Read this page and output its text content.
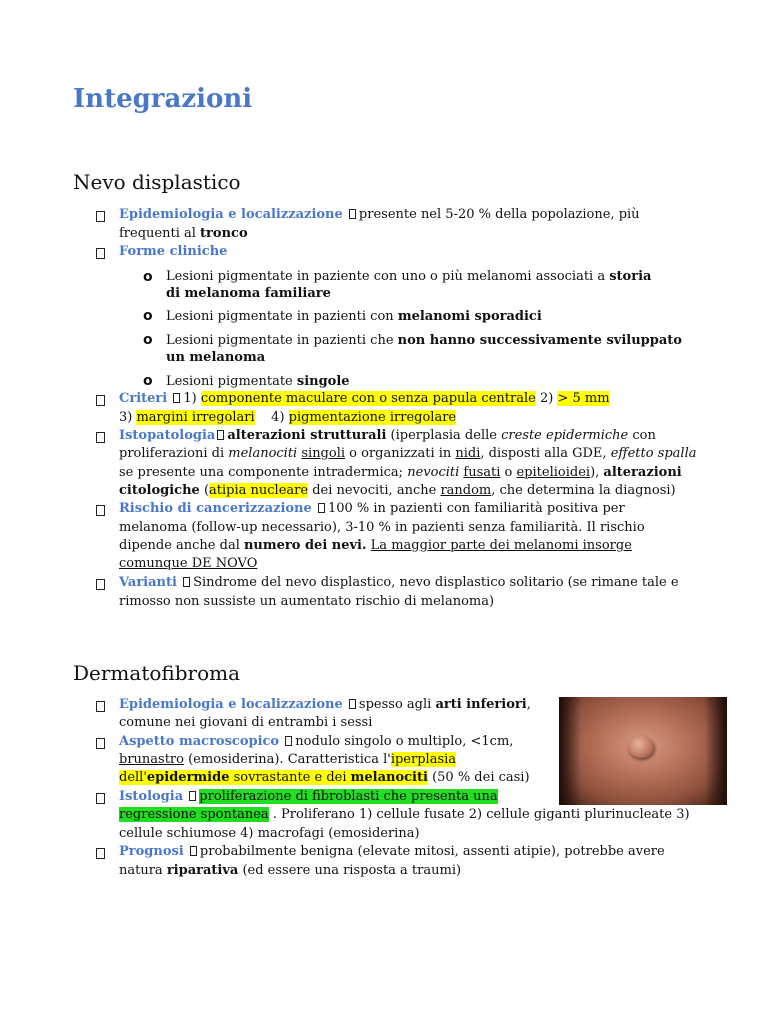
Integrazioni
Nevo displastico
Epidemiologia e localizzazione presente nel 5-20 % della popolazione, più
frequenti al tronco
Forme cliniche
o Lesioni pigmentate in paziente con uno o più melanomi associati a storia
di melanoma familiare
o Lesioni pigmentate in pazienti con melanomi sporadici
o Lesioni pigmentate in pazienti che non hanno successivamente sviluppato
un melanoma
o Lesioni pigmentate singole
Criteri 1) componente maculare con o senza papula centrale 2) > 5 mm
3) margini irregolari    4) pigmentazione irregolare
Istopatologia alterazioni strutturali (iperplasia delle creste epidermiche con
proliferazioni di melanociti singoli o organizzati in nidi, disposti alla GDE, effetto spalla
se presente una componente intradermica; nevociti fusati o epitelioidei), alterazioni
citologiche (atipia nucleare dei nevociti, anche random, che determina la diagnosi)
Rischio di cancerizzazione 100 % in pazienti con familiarità positiva per
melanoma (follow-up necessario), 3-10 % in pazienti senza familiarità. Il rischio
dipende anche dal numero dei nevi. La maggior parte dei melanomi insorge
comunque DE NOVO
Varianti Sindrome del nevo displastico, nevo displastico solitario (se rimane tale e
rimosso non sussiste un aumentato rischio di melanoma)
Dermatofibroma
Epidemiologia e localizzazione spesso agli arti inferiori,
comune nei giovani di entrambi i sessi
Aspetto macroscopico nodulo singolo o multiplo, <1cm,
brunastro (emosiderina). Caratteristica l'iperplasia
dell'epidermide sovrastante e dei melanociti (50 % dei casi)
Istologia proliferazione di fibroblasti che presenta una
regressione spontanea . Proliferano 1) cellule fusate 2) cellule giganti plurinucleate 3)
cellule schiumose 4) macrofagi (emosiderina)
Prognosi probabilmente benigna (elevate mitosi, assenti atipie), potrebbe avere
natura riparativa (ed essere una risposta a traumi)
